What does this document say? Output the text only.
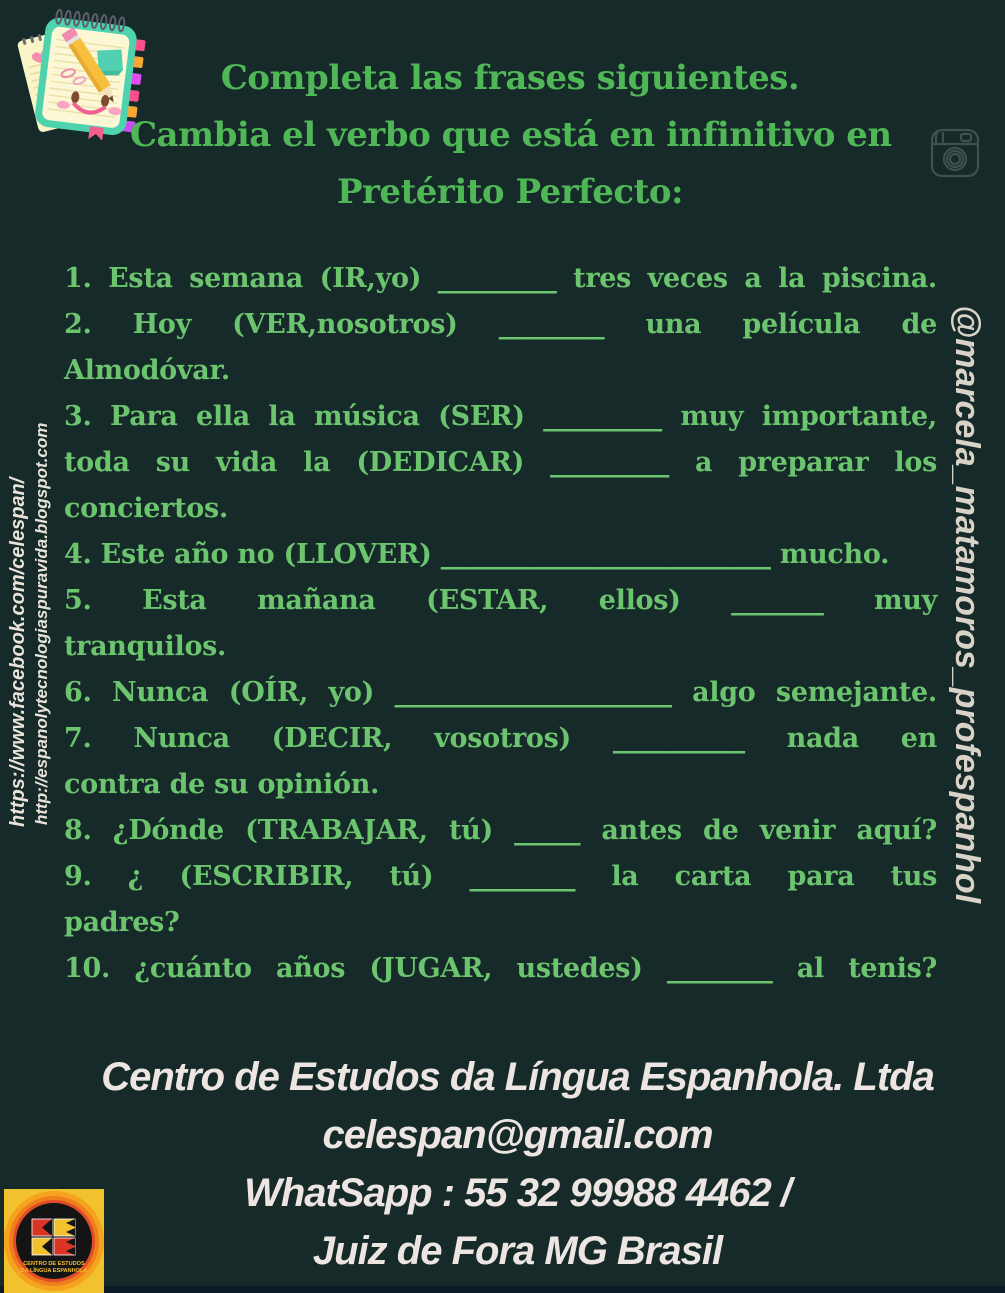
Completa las frases siguientes.
Cambia el verbo que está en infinitivo en
Pretérito Perfecto:
https://www.facebook.com/celespan/ http://espanolytecnologiaspuravida.blogspot.com	@marcela_matamoros_profespanhol
1. Esta semana (IR,yo) _________ tres veces a la piscina.
2. Hoy (VER,nosotros) ________ una película de
Almodóvar.
3. Para ella la música (SER) _________ muy importante,
toda su vida la (DEDICAR) _________ a preparar los
conciertos.
4. Este año no (LLOVER) _________________________ mucho.
5. Esta mañana (ESTAR, ellos) _______ muy
tranquilos.
6. Nunca (OÍR, yo) _____________________ algo semejante.
7. Nunca (DECIR, vosotros) __________ nada en
contra de su opinión.
8. ¿Dónde (TRABAJAR, tú) _____ antes de venir aquí?
9. ¿ (ESCRIBIR, tú) ________ la carta para tus
padres?
10. ¿cuánto años (JUGAR, ustedes) ________ al tenis?
Centro de Estudos da Língua Espanhola. Ltda
celespan@gmail.com
WhatSapp : 55 32 99988 4462 /
Juiz de Fora MG Brasil
CENTRO DE ESTUDOS
DA LÍNGUA ESPANHOLA
